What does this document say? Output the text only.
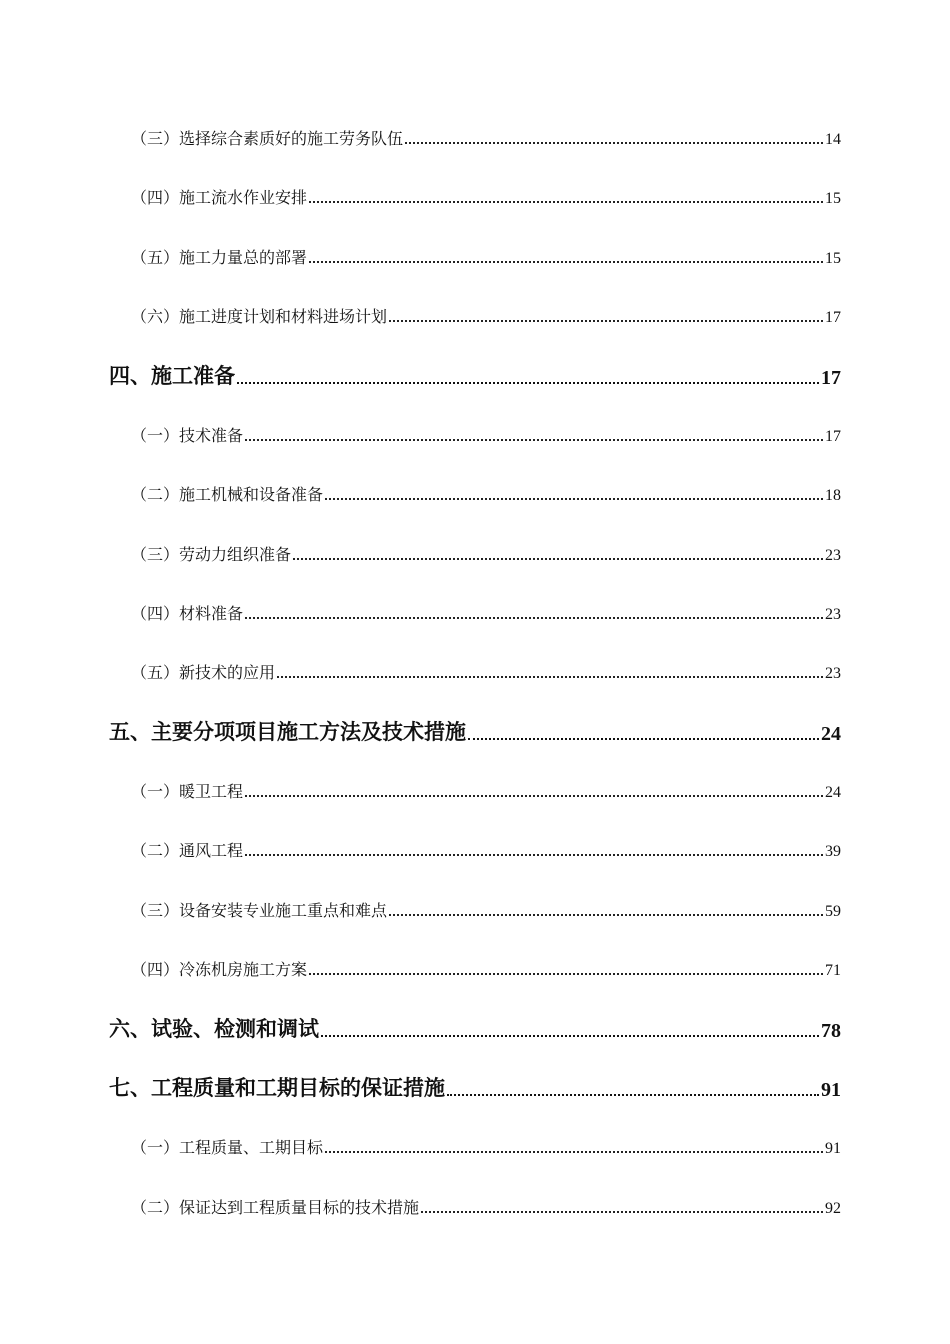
（三）选择综合素质好的施工劳务队伍	14
（四）施工流水作业安排	15
（五）施工力量总的部署	15
（六）施工进度计划和材料进场计划	17
四、施工准备	17
（一）技术准备	17
（二）施工机械和设备准备	18
（三）劳动力组织准备	23
（四）材料准备	23
（五）新技术的应用	23
五、主要分项项目施工方法及技术措施	24
（一）暖卫工程	24
（二）通风工程	39
（三）设备安装专业施工重点和难点	59
（四）冷冻机房施工方案	71
六、试验、检测和调试	78
七、工程质量和工期目标的保证措施	91
（一）工程质量、工期目标	91
（二）保证达到工程质量目标的技术措施	92
